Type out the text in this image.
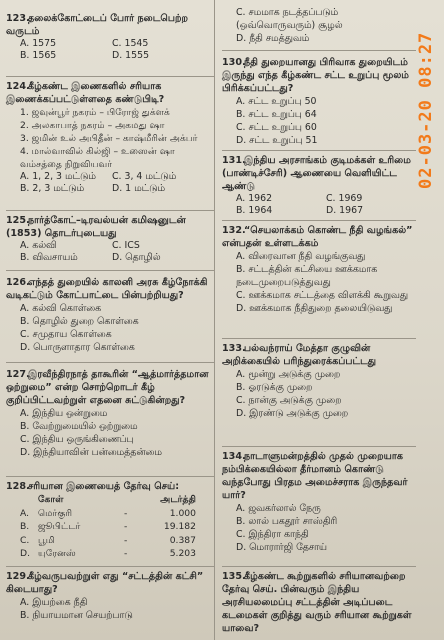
123.தலைக்கோட்டைப் போர் நடைபெற்ற வருடம்
A. 1575	C. 1545
B. 1565	D. 1555
124.கீழ்கண்ட இணைகளில் சரியாக இணைக்கப்பட்டுள்ளதை கண்டுபிடி?
1. ஜவுன்பூர் நகரம் – பிரோஜ் துக்ளக்
2. அலகாபாத் நகரம் – அகமது ஷா
3. ஜமின் உல் அபிதீன் – காஷ்மீரின் அக்பர்
4. மால்வாவில் கில்ஜி – உஸைன் ஷா வம்சத்தை நிறுவியவர்
A. 1, 2, 3 மட்டும்	C. 3, 4 மட்டும்
B. 2, 3 மட்டும்	D. 1 மட்டும்
125.நார்த்கோட்–டிரவல்யன் கமிஷனுடன் (1853) தொடர்புடையது
A. கல்வி	C. ICS
B. விவசாயம்	D. தொழில்
126.எந்தத் துறையில் காலனி அரசு கீழ்நோக்கி வடிகட்டும் கோட்பாட்டை பின்பற்றியது?
A. கல்வி கொள்கை
B. தொழில் துறை கொள்கை
C. சமுதாய கொள்கை
D. பொருளாதார கொள்கை
127.இரவீந்திரநாத் தாகூரின் “ஆத்மார்த்தமான ஒற்றுமை” என்ற சொற்றொடர் கீழ் குறிப்பிட்டவற்றுள் எதனை சுட்டுகின்றது?
A. இந்திய ஒன்றுமை
B. வேற்றுமையில் ஒற்றுமை
C. இந்திய ஒருங்கிணைப்பு
D. இந்தியாவின் பன்மைத்தன்மை
128.சரியான இணையைத் தேர்வு செய்:
கோள்	அடர்த்தி
A. மெர்குரி	-	1.000
B. ஜூபிட்டர்	-	19.182
C. பூமி	-	0.387
D. யுரேனஸ்	-	5.203
129.கீழ்வருபவற்றுள் எது “சட்டத்தின் கட்சி” கிடையாது?
A. இயற்கை நீதி
B. நியாயமான செயற்பாடு
C. சமமாக நடத்தப்படும் (ஒவ்வொருவரும்) சூழல்
D. நீதி சமத்துவம்
130.நீதி துறையானது பிரிவாக துறையிடம் இருந்து எந்த கீழ்கண்ட சட்ட உறுப்பு மூலம் பிரிக்கப்பட்டது?
A. சட்ட உறுப்பு 50
B. சட்ட உறுப்பு 64
C. சட்ட உறுப்பு 60
D. சட்ட உறுப்பு 51
131.இந்திய அரசாங்கம் குடிமக்கள் உரிமை (பாண்டிச்சேரி) ஆணையை வெளியிட்ட ஆண்டு
A. 1962	C. 1969
B. 1964	D. 1967
132.“செயலாக்கம் கொண்ட நீதி வழங்கல்” என்பதன் உள்ளடக்கம்
A. விரைவான நீதி வழங்குவது
B. சட்டத்தின் கட்சியை ஊக்கமாக நடைமுறைபடுத்துவது
C. ஊக்கமாக சட்டத்தை விளக்கி கூறுவது
D. ஊக்கமாக நீதிதுறை தலையிடுவது
133.பல்வந்ராய் மேத்தா குழுவின் அறிக்கையில் பரிந்துரைக்கப்பட்டது
A. மூன்று அடுக்கு முறை
B. ஓரடுக்கு முறை
C. நான்கு அடுக்கு முறை
D. இரண்டு அடுக்கு முறை
134.நாடாளுமன்றத்தில் முதல் முறையாக நம்பிக்கையில்லா தீர்மானம் கொண்டு வந்தபோது பிரதம அமைச்சராக இருந்தவர் யார்?
A. ஜவகர்லால் நேரு
B. லால் பகதூர் சாஸ்திரி
C. இந்திரா காந்தி
D. மொரார்ஜி தேசாய்
135.கீழ்கண்ட கூற்றுகளில் சரியானவற்றை தேர்வு செய். பின்வரும் இந்திய அரசியலமைப்பு சட்டத்தின் அடிப்படை கடமைகள் குறித்து வரும் சரியான கூற்றுகள் யாவை?
02-03-20 08:27
